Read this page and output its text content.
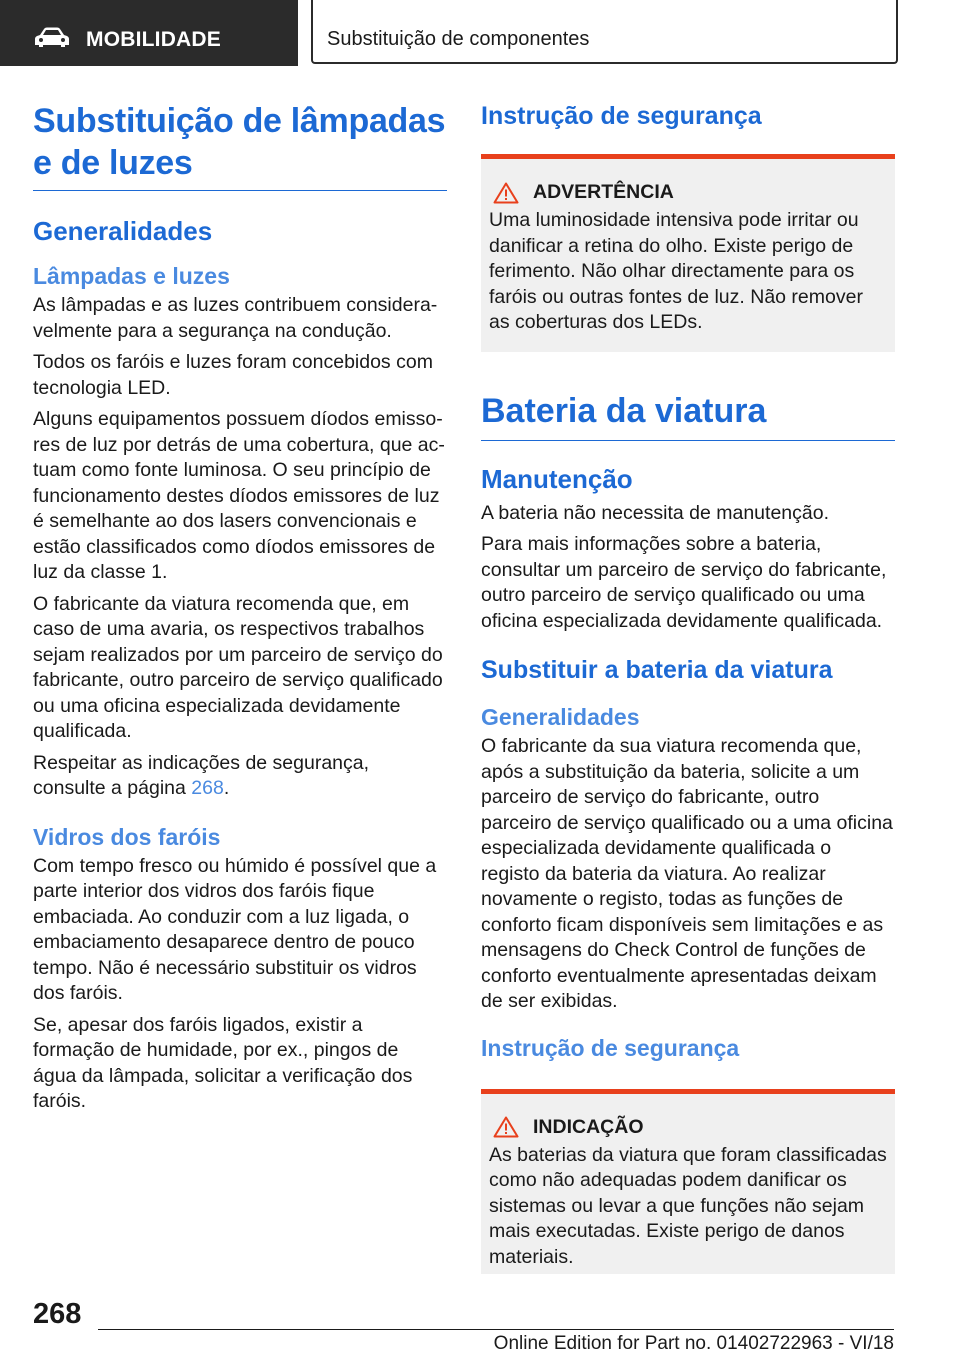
MOBILIDADE	Substituição de componentes
Substituição de lâmpadas e de luzes
Generalidades
Lâmpadas e luzes

As lâmpadas e as luzes contribuem consideravelmente para a segurança na condução.

Todos os faróis e luzes foram concebidos com tecnologia LED.

Alguns equipamentos possuem díodos emissores de luz por detrás de uma cobertura, que actuam como fonte luminosa. O seu princípio de funcionamento destes díodos emissores de luz é semelhante ao dos lasers convencionais e estão classificados como díodos emissores de luz da classe 1.

O fabricante da viatura recomenda que, em caso de uma avaria, os respectivos trabalhos sejam realizados por um parceiro de serviço do fabricante, outro parceiro de serviço qualificado ou uma oficina especializada devidamente qualificada.

Respeitar as indicações de segurança, consulte a página 268.

Vidros dos faróis

Com tempo fresco ou húmido é possível que a parte interior dos vidros dos faróis fique embaciada. Ao conduzir com a luz ligada, o embaciamento desaparece dentro de pouco tempo. Não é necessário substituir os vidros dos faróis.

Se, apesar dos faróis ligados, existir a formação de humidade, por ex., pingos de água da lâmpada, solicitar a verificação dos faróis.

Instrução de segurança
ADVERTÊNCIA

Uma luminosidade intensiva pode irritar ou danificar a retina do olho. Existe perigo de ferimento. Não olhar directamente para os faróis ou outras fontes de luz. Não remover as coberturas dos LEDs.

Bateria da viatura
Manutenção

A bateria não necessita de manutenção.

Para mais informações sobre a bateria, consultar um parceiro de serviço do fabricante, outro parceiro de serviço qualificado ou uma oficina especializada devidamente qualificada.

Substituir a bateria da viatura
Generalidades

O fabricante da sua viatura recomenda que, após a substituição da bateria, solicite a um parceiro de serviço do fabricante, outro parceiro de serviço qualificado ou a uma oficina especializada devidamente qualificada o registo da bateria da viatura. Ao realizar novamente o registo, todas as funções de conforto ficam disponíveis sem limitações e as mensagens do Check Control de funções de conforto eventualmente apresentadas deixam de ser exibidas.

Instrução de segurança
INDICAÇÃO

As baterias da viatura que foram classificadas como não adequadas podem danificar os sistemas ou levar a que funções não sejam mais executadas. Existe perigo de danos materiais.

268
Online Edition for Part no. 01402722963 - VI/18
